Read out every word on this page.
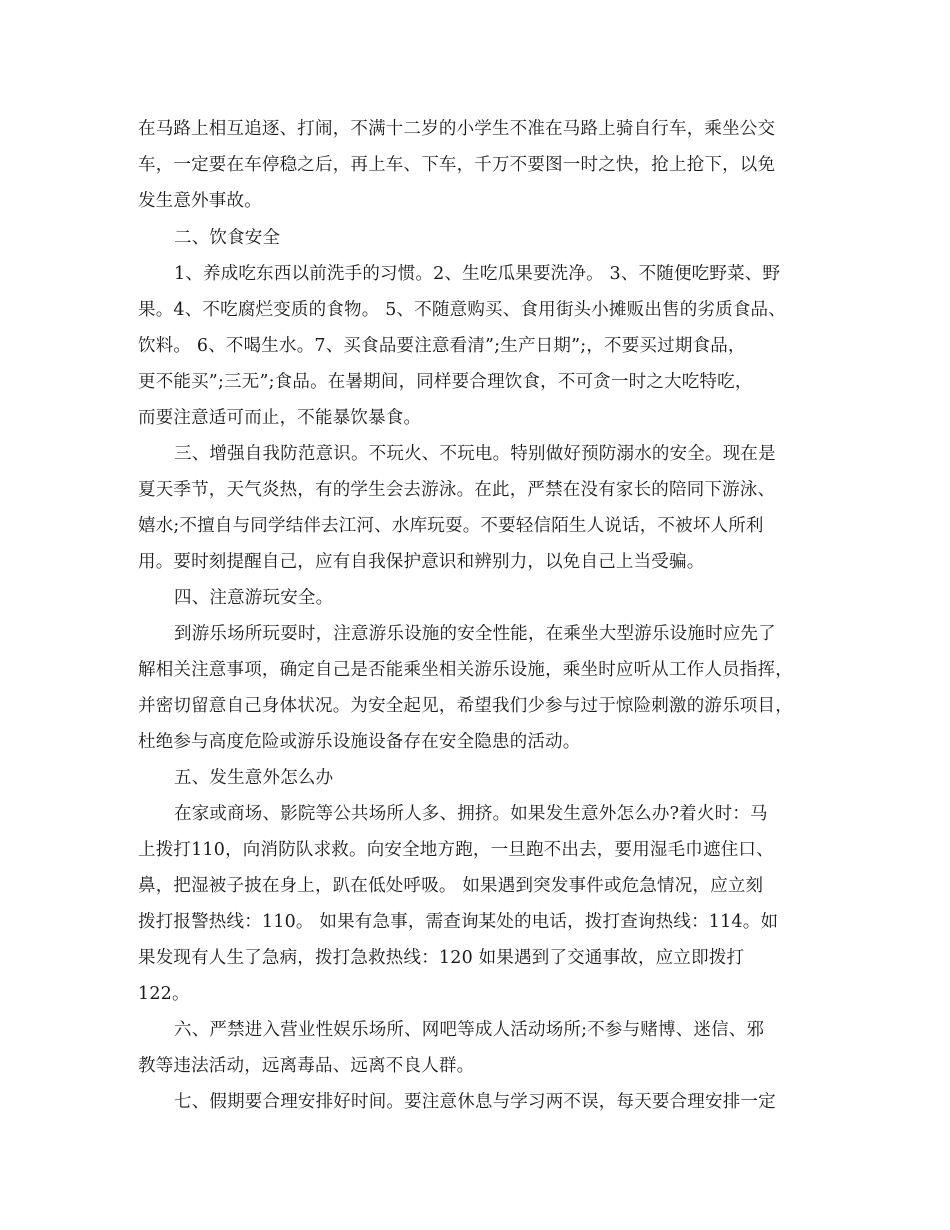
在马路上相互追逐、打闹，不满十二岁的小学生不准在马路上骑自行车，乘坐公交
车，一定要在车停稳之后，再上车、下车，千万不要图一时之快，抢上抢下，以免
发生意外事故。
二、饮食安全
1、养成吃东西以前洗手的习惯。2、生吃瓜果要洗净。 3、不随便吃野菜、野
果。4、不吃腐烂变质的食物。 5、不随意购买、食用街头小摊贩出售的劣质食品、
饮料。 6、不喝生水。7、买食品要注意看清”;生产日期”;，不要买过期食品，
更不能买”;三无”;食品。在暑期间，同样要合理饮食，不可贪一时之大吃特吃，
而要注意适可而止，不能暴饮暴食。
三、增强自我防范意识。不玩火、不玩电。特别做好预防溺水的安全。现在是
夏天季节，天气炎热，有的学生会去游泳。在此，严禁在没有家长的陪同下游泳、
嬉水;不擅自与同学结伴去江河、水库玩耍。不要轻信陌生人说话，不被坏人所利
用。要时刻提醒自己，应有自我保护意识和辨别力，以免自己上当受骗。
四、注意游玩安全。
到游乐场所玩耍时，注意游乐设施的安全性能，在乘坐大型游乐设施时应先了
解相关注意事项，确定自己是否能乘坐相关游乐设施，乘坐时应听从工作人员指挥，
并密切留意自己身体状况。为安全起见，希望我们少参与过于惊险刺激的游乐项目，
杜绝参与高度危险或游乐设施设备存在安全隐患的活动。
五、发生意外怎么办
在家或商场、影院等公共场所人多、拥挤。如果发生意外怎么办?着火时：马
上拨打110，向消防队求救。向安全地方跑，一旦跑不出去，要用湿毛巾遮住口、
鼻，把湿被子披在身上，趴在低处呼吸。 如果遇到突发事件或危急情况，应立刻
拨打报警热线：110。 如果有急事，需查询某处的电话，拨打查询热线：114。如
果发现有人生了急病，拨打急救热线：120 如果遇到了交通事故，应立即拨打
122。
六、严禁进入营业性娱乐场所、网吧等成人活动场所;不参与赌博、迷信、邪
教等违法活动，远离毒品、远离不良人群。
七、假期要合理安排好时间。要注意休息与学习两不误，每天要合理安排一定
